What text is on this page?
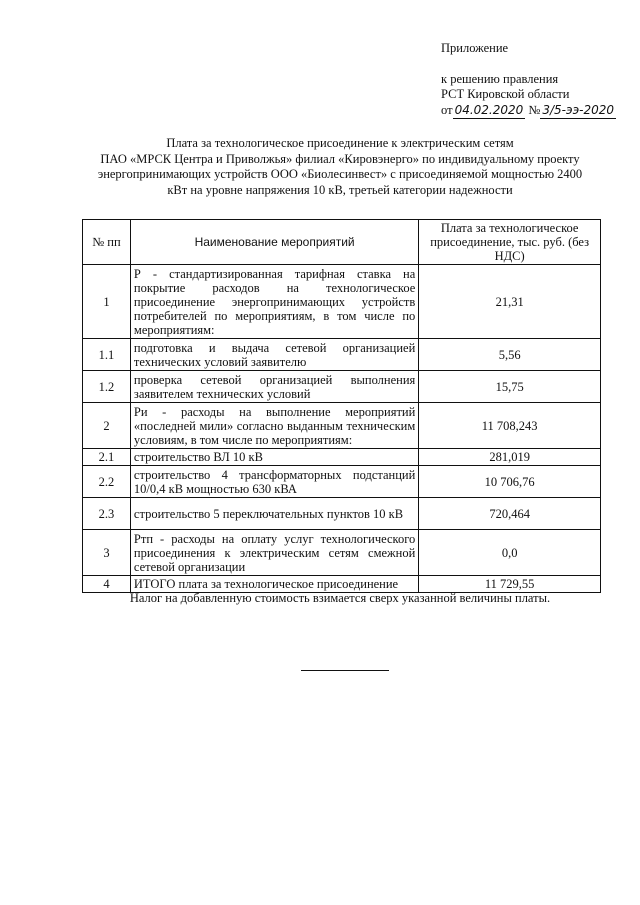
Приложение
к решению правления
РСТ Кировской области
от 04.02.2020 № 3/5-ээ-2020
Плата за технологическое присоединение к электрическим сетям
ПАО «МРСК Центра и Приволжья» филиал «Кировэнерго» по индивидуальному проекту
энергопринимающих устройств ООО «Биолесинвест» с присоединяемой мощностью 2400
кВт на уровне напряжения 10 кВ, третьей категории надежности
№ пп	Наименование мероприятий	Плата за технологическое присоединение, тыс. руб. (без НДС)
1	Р - стандартизированная тарифная ставка на покрытие расходов на технологическое присоединение энергопринимающих устройств потребителей по мероприятиям, в том числе по мероприятиям:	21,31
1.1	подготовка и выдача сетевой организацией технических условий заявителю	5,56
1.2	проверка сетевой организацией выполнения заявителем технических условий	15,75
2	Pи - расходы на выполнение мероприятий «последней мили» согласно выданным техническим условиям, в том числе по мероприятиям:	11 708,243
2.1	строительство ВЛ 10 кВ	281,019
2.2	строительство 4 трансформаторных подстанций 10/0,4 кВ мощностью 630 кВА	10 706,76
2.3	строительство 5 переключательных пунктов 10 кВ	720,464
3	Ртп - расходы на оплату услуг технологического присоединения к электрическим сетям смежной сетевой организации	0,0
4	ИТОГО плата за технологическое присоединение	11 729,55
Налог на добавленную стоимость взимается сверх указанной величины платы.
